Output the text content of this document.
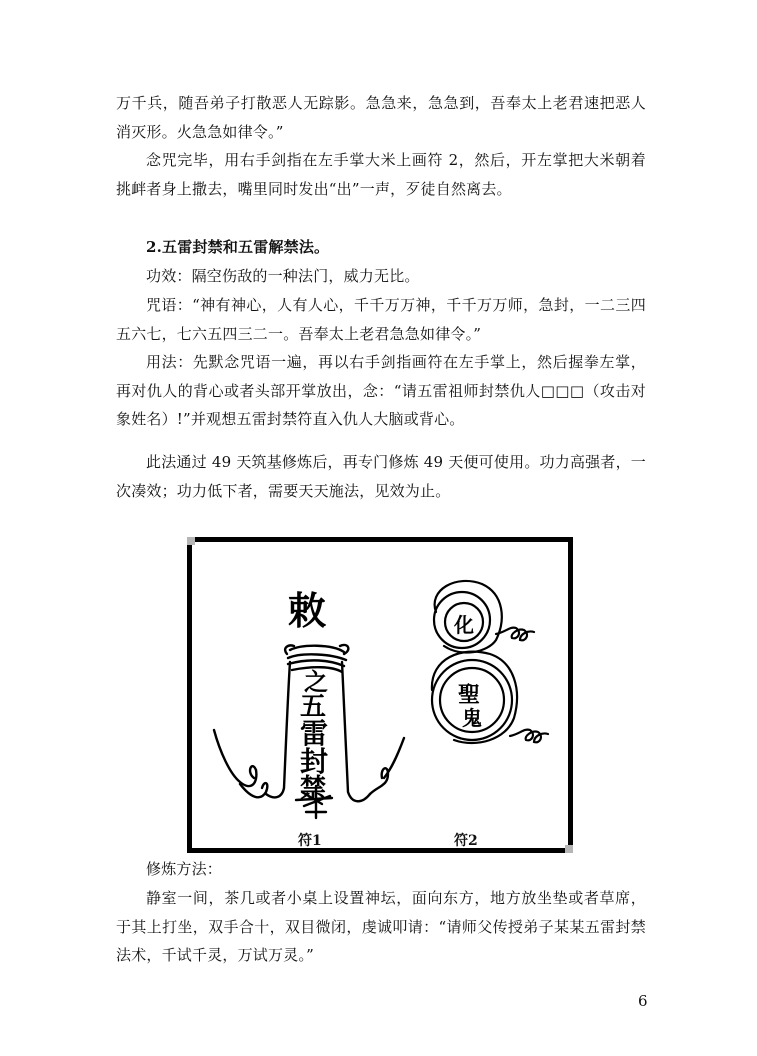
万千兵，随吾弟子打散恶人无踪影。急急来，急急到，吾奉太上老君速把恶人消灭形。火急急如律令。”

念咒完毕，用右手剑指在左手掌大米上画符 2，然后，开左掌把大米朝着挑衅者身上撒去，嘴里同时发出“出”一声，歹徒自然离去。

2.五雷封禁和五雷解禁法。

功效：隔空伤敌的一种法门，威力无比。

咒语：“神有神心，人有人心，千千万万神，千千万万师，急封，一二三四五六七，七六五四三二一。吾奉太上老君急急如律令。”

用法：先默念咒语一遍，再以右手剑指画符在左手掌上，然后握拳左掌，再对仇人的背心或者头部开掌放出，念：“请五雷祖师封禁仇人□□□（攻击对象姓名）!”并观想五雷封禁符直入仇人大脑或背心。

此法通过 49 天筑基修炼后，再专门修炼 49 天便可使用。功力高强者，一次凑效；功力低下者，需要天天施法，见效为止。

敕
之
五
雷
封
禁
化
聖
鬼
符1	符2

修炼方法：

静室一间，茶几或者小桌上设置神坛，面向东方，地方放坐垫或者草席，于其上打坐，双手合十，双目微闭，虔诚叩请：“请师父传授弟子某某五雷封禁法术，千试千灵，万试万灵。”

6
